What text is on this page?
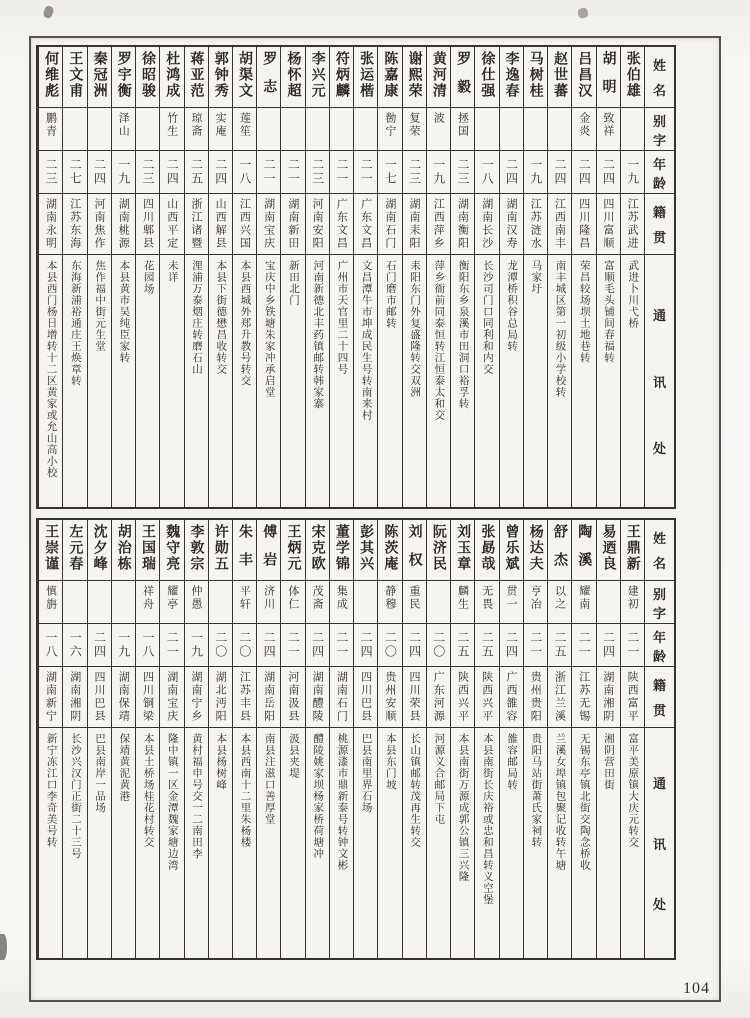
姓
名
别
字
年
龄
籍
贯
通
讯
处
张伯雄
一九
江苏武进
武进卜川弋桥
胡明
致祥
二四
四川富顺
富顺毛头铺间春福转
吕昌汉
金炎
二四
四川隆昌
荣昌较场坝土地巷转
赵世蕃
二四
江西南丰
南丰城区第一初级小学校转
马树桂
一九
江苏涟水
马家圩
李逸春
二四
湖南汉寿
龙潭桥积谷总局转
徐仕强
一八
湖南长沙
长沙司门口同利和内交
罗毅
拯国
二三
湖南衡阳
衡阳东乡泉溪市田洞口裕孚转
黄河清
波
一九
江西萍乡
萍乡衙前同泰恒转江恒泰太和交
谢熙荣
复荣
二三
湖南耒阳
耒阳东门外复盛隆转交双洲
陈嘉康
勌宁
一七
湖南石门
石门磨市邮转
张运楷
二一
广东文昌
文昌潭牛市坤成民生号转南来村
符炳麟
二一
广东文昌
广州市天官里二十四号
李兴元
二三
河南安阳
河南新德北丰药镇邮转韩家寨
杨怀超
二一
湖南新田
新田北门
罗志
二一
湖南宝庆
宝庆中乡铁塘朱家冲承启堂
胡渠文
莲笙
一八
江西兴国
本县西城外郑升教号转交
郭钟秀
实庵
二四
山西解县
本县下街德懋昌收转交
蒋亚范
琼斋
二五
浙江诸暨
浬浦万泰烟庄转磨石山
杜鸿成
竹生
二四
山西平定
未详
徐昭骏
二三
四川郫县
花园场
罗宇衡
泽山
一九
湖南桃源
本县黄市吴纯臣家转
秦冠洲
二四
河南焦作
焦作福中街元生堂
王文甫
二七
江苏东海
东海新浦裕通庄王焕章转
何维彪
鹏青
二三
湖南永明
本县西门杨日增转十二区黄家或允山高小校
姓
名
别
字
年
龄
籍
贯
通
讯
处
王鼎新
建初
二一
陕西富平
富平美原镇大庆元转交
易迺良
二四
湖南湘阴
湘阴营田街
陶溪
耀南
二一
江苏无锡
无锡东亭镇北街交陶念桥收
舒杰
以之
二五
浙江兰溪
兰溪女埠镇包聚记收转午塘
杨达夫
亨冶
二一
贵州贵阳
贵阳马站街萧氏家祠转
曾乐斌
贯一
二四
广西雒容
雒容邮局转
张勗哉
无畏
二五
陕西兴平
本县南街长庆裕或忠和昌转义空堡
刘玉章
麟生
二五
陕西兴平
本县南街万源成郭公镇三兴隆
阮济民
二〇
广东河源
河源义合邮局下屯
刘权
重民
二四
四川荣县
长山镇邮转茂再生转交
陈茨庵
静穆
二〇
贵州安顺
本县东门坡
彭其兴
二四
四川巴县
巴县南里界石场
董学锦
集成
二一
湖南石门
桃源漆市鼎新泰号转钟文彬
宋克欧
茂斋
二四
湖南醴陵
醴陵姚家坝杨家桥荷塘冲
王炳元
体仁
二一
河南汲县
汲县夹堤
傅岩
济川
二四
湖南岳阳
南县注滋口善厚堂
朱丰
平轩
二〇
江苏丰县
本县西南十二里朱杨楼
许勋五
二〇
湖北沔阳
本县杨树峰
李敦宗
仲愚
一九
湖南宁乡
黄村福申号交一二南田李
魏守亮
耀亭
二一
湖南宝庆
隆中镇一区金潭魏家塘边湾
王国瑞
祥舟
一八
四川铜梁
本县土桥场桂花村转交
胡治栋
一九
湖南保靖
保靖黄泥黄港
沈夕峰
二四
四川巴县
巴县南岸一品场
左元春
一六
湖南湘阴
长沙兴汉门正街二十三号
王崇谨
慎旃
一八
湖南新宁
新宁冻江口李奇美号转
104
